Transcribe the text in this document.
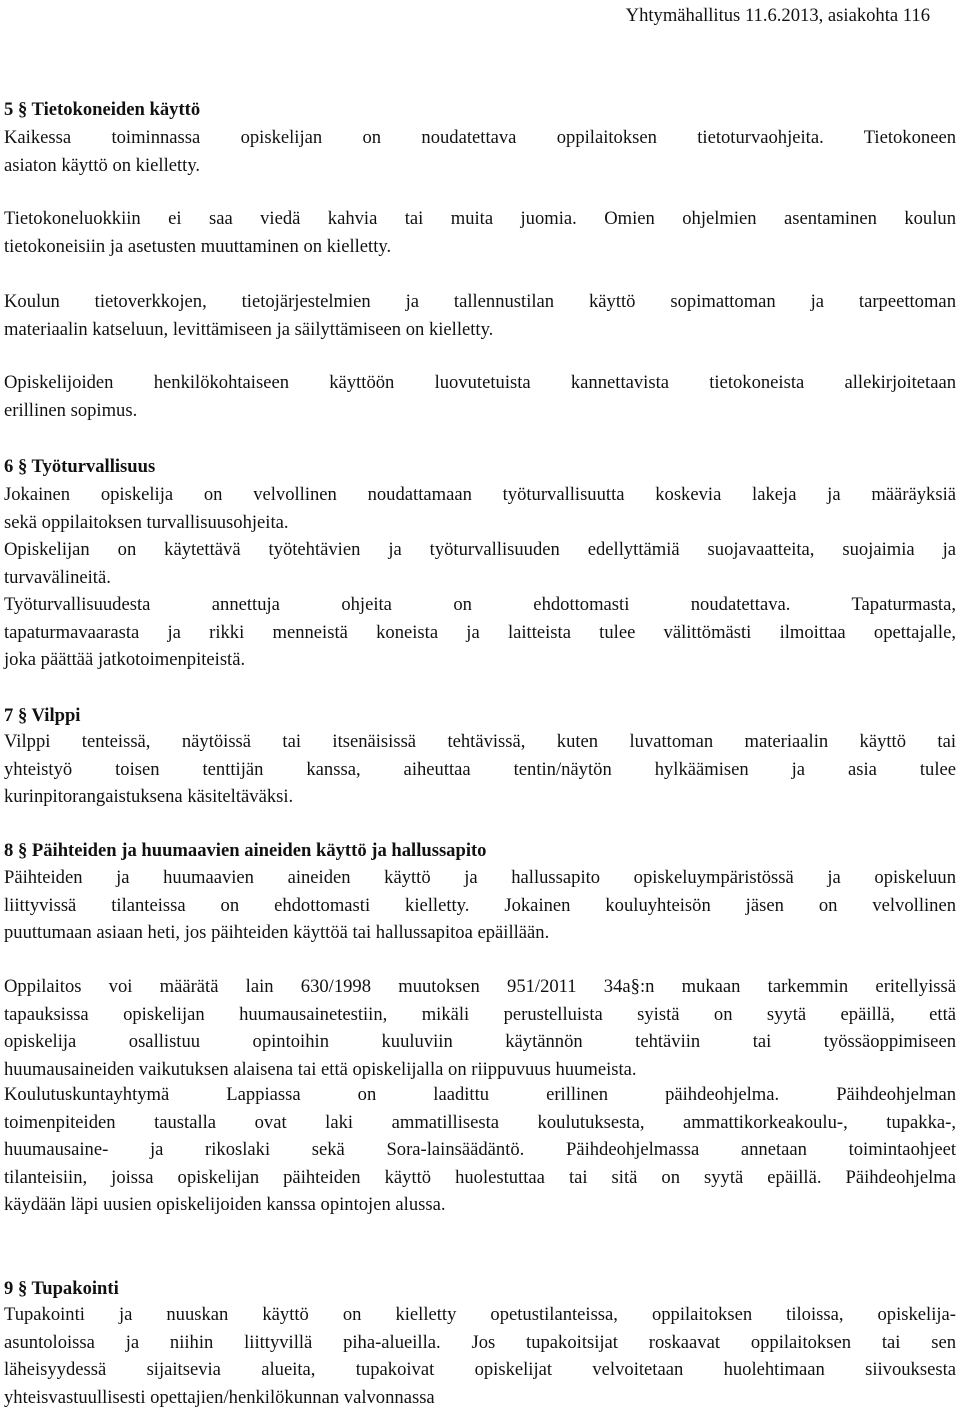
Yhtymähallitus 11.6.2013, asiakohta 116
5 § Tietokoneiden käyttö
Kaikessa toiminnassa opiskelijan on noudatettava oppilaitoksen tietoturvaohjeita. Tietokoneen
asiaton käyttö on kielletty.
Tietokoneluokkiin ei saa viedä kahvia tai muita juomia. Omien ohjelmien asentaminen koulun
tietokoneisiin ja asetusten muuttaminen on kielletty.
Koulun tietoverkkojen, tietojärjestelmien ja tallennustilan käyttö sopimattoman ja tarpeettoman
materiaalin katseluun, levittämiseen ja säilyttämiseen on kielletty.
Opiskelijoiden henkilökohtaiseen käyttöön luovutetuista kannettavista tietokoneista allekirjoitetaan
erillinen sopimus.
6 § Työturvallisuus
Jokainen opiskelija on velvollinen noudattamaan työturvallisuutta koskevia lakeja ja määräyksiä
sekä oppilaitoksen turvallisuusohjeita.
Opiskelijan on käytettävä työtehtävien ja työturvallisuuden edellyttämiä suojavaatteita, suojaimia ja
turvavälineitä.
Työturvallisuudesta annettuja ohjeita on ehdottomasti noudatettava. Tapaturmasta,
tapaturmavaarasta ja rikki menneistä koneista ja laitteista tulee välittömästi ilmoittaa opettajalle,
joka päättää jatkotoimenpiteistä.
7 § Vilppi
Vilppi tenteissä, näytöissä tai itsenäisissä tehtävissä, kuten luvattoman materiaalin käyttö tai
yhteistyö toisen tenttijän kanssa, aiheuttaa tentin/näytön hylkäämisen ja asia tulee
kurinpitorangaistuksena käsiteltäväksi.
8 § Päihteiden ja huumaavien aineiden käyttö ja hallussapito
Päihteiden ja huumaavien aineiden käyttö ja hallussapito opiskeluympäristössä ja opiskeluun
liittyvissä tilanteissa on ehdottomasti kielletty. Jokainen kouluyhteisön jäsen on velvollinen
puuttumaan asiaan heti, jos päihteiden käyttöä tai hallussapitoa epäillään.
Oppilaitos voi määrätä lain 630/1998 muutoksen 951/2011 34a§:n mukaan tarkemmin eritellyissä
tapauksissa opiskelijan huumausainetestiin, mikäli perustelluista syistä on syytä epäillä, että
opiskelija osallistuu opintoihin kuuluviin käytännön tehtäviin tai työssäoppimiseen
huumausaineiden vaikutuksen alaisena tai että opiskelijalla on riippuvuus huumeista.
Koulutuskuntayhtymä Lappiassa on laadittu erillinen päihdeohjelma. Päihdeohjelman
toimenpiteiden taustalla ovat laki ammatillisesta koulutuksesta, ammattikorkeakoulu-, tupakka-,
huumausaine- ja rikoslaki sekä Sora-lainsäädäntö. Päihdeohjelmassa annetaan toimintaohjeet
tilanteisiin, joissa opiskelijan päihteiden käyttö huolestuttaa tai sitä on syytä epäillä. Päihdeohjelma
käydään läpi uusien opiskelijoiden kanssa opintojen alussa.
9 § Tupakointi
Tupakointi ja nuuskan käyttö on kielletty opetustilanteissa, oppilaitoksen tiloissa, opiskelija-
asuntoloissa ja niihin liittyvillä piha-alueilla. Jos tupakoitsijat roskaavat oppilaitoksen tai sen
läheisyydessä sijaitsevia alueita, tupakoivat opiskelijat velvoitetaan huolehtimaan siivouksesta
yhteisvastuullisesti opettajien/henkilökunnan valvonnassa
